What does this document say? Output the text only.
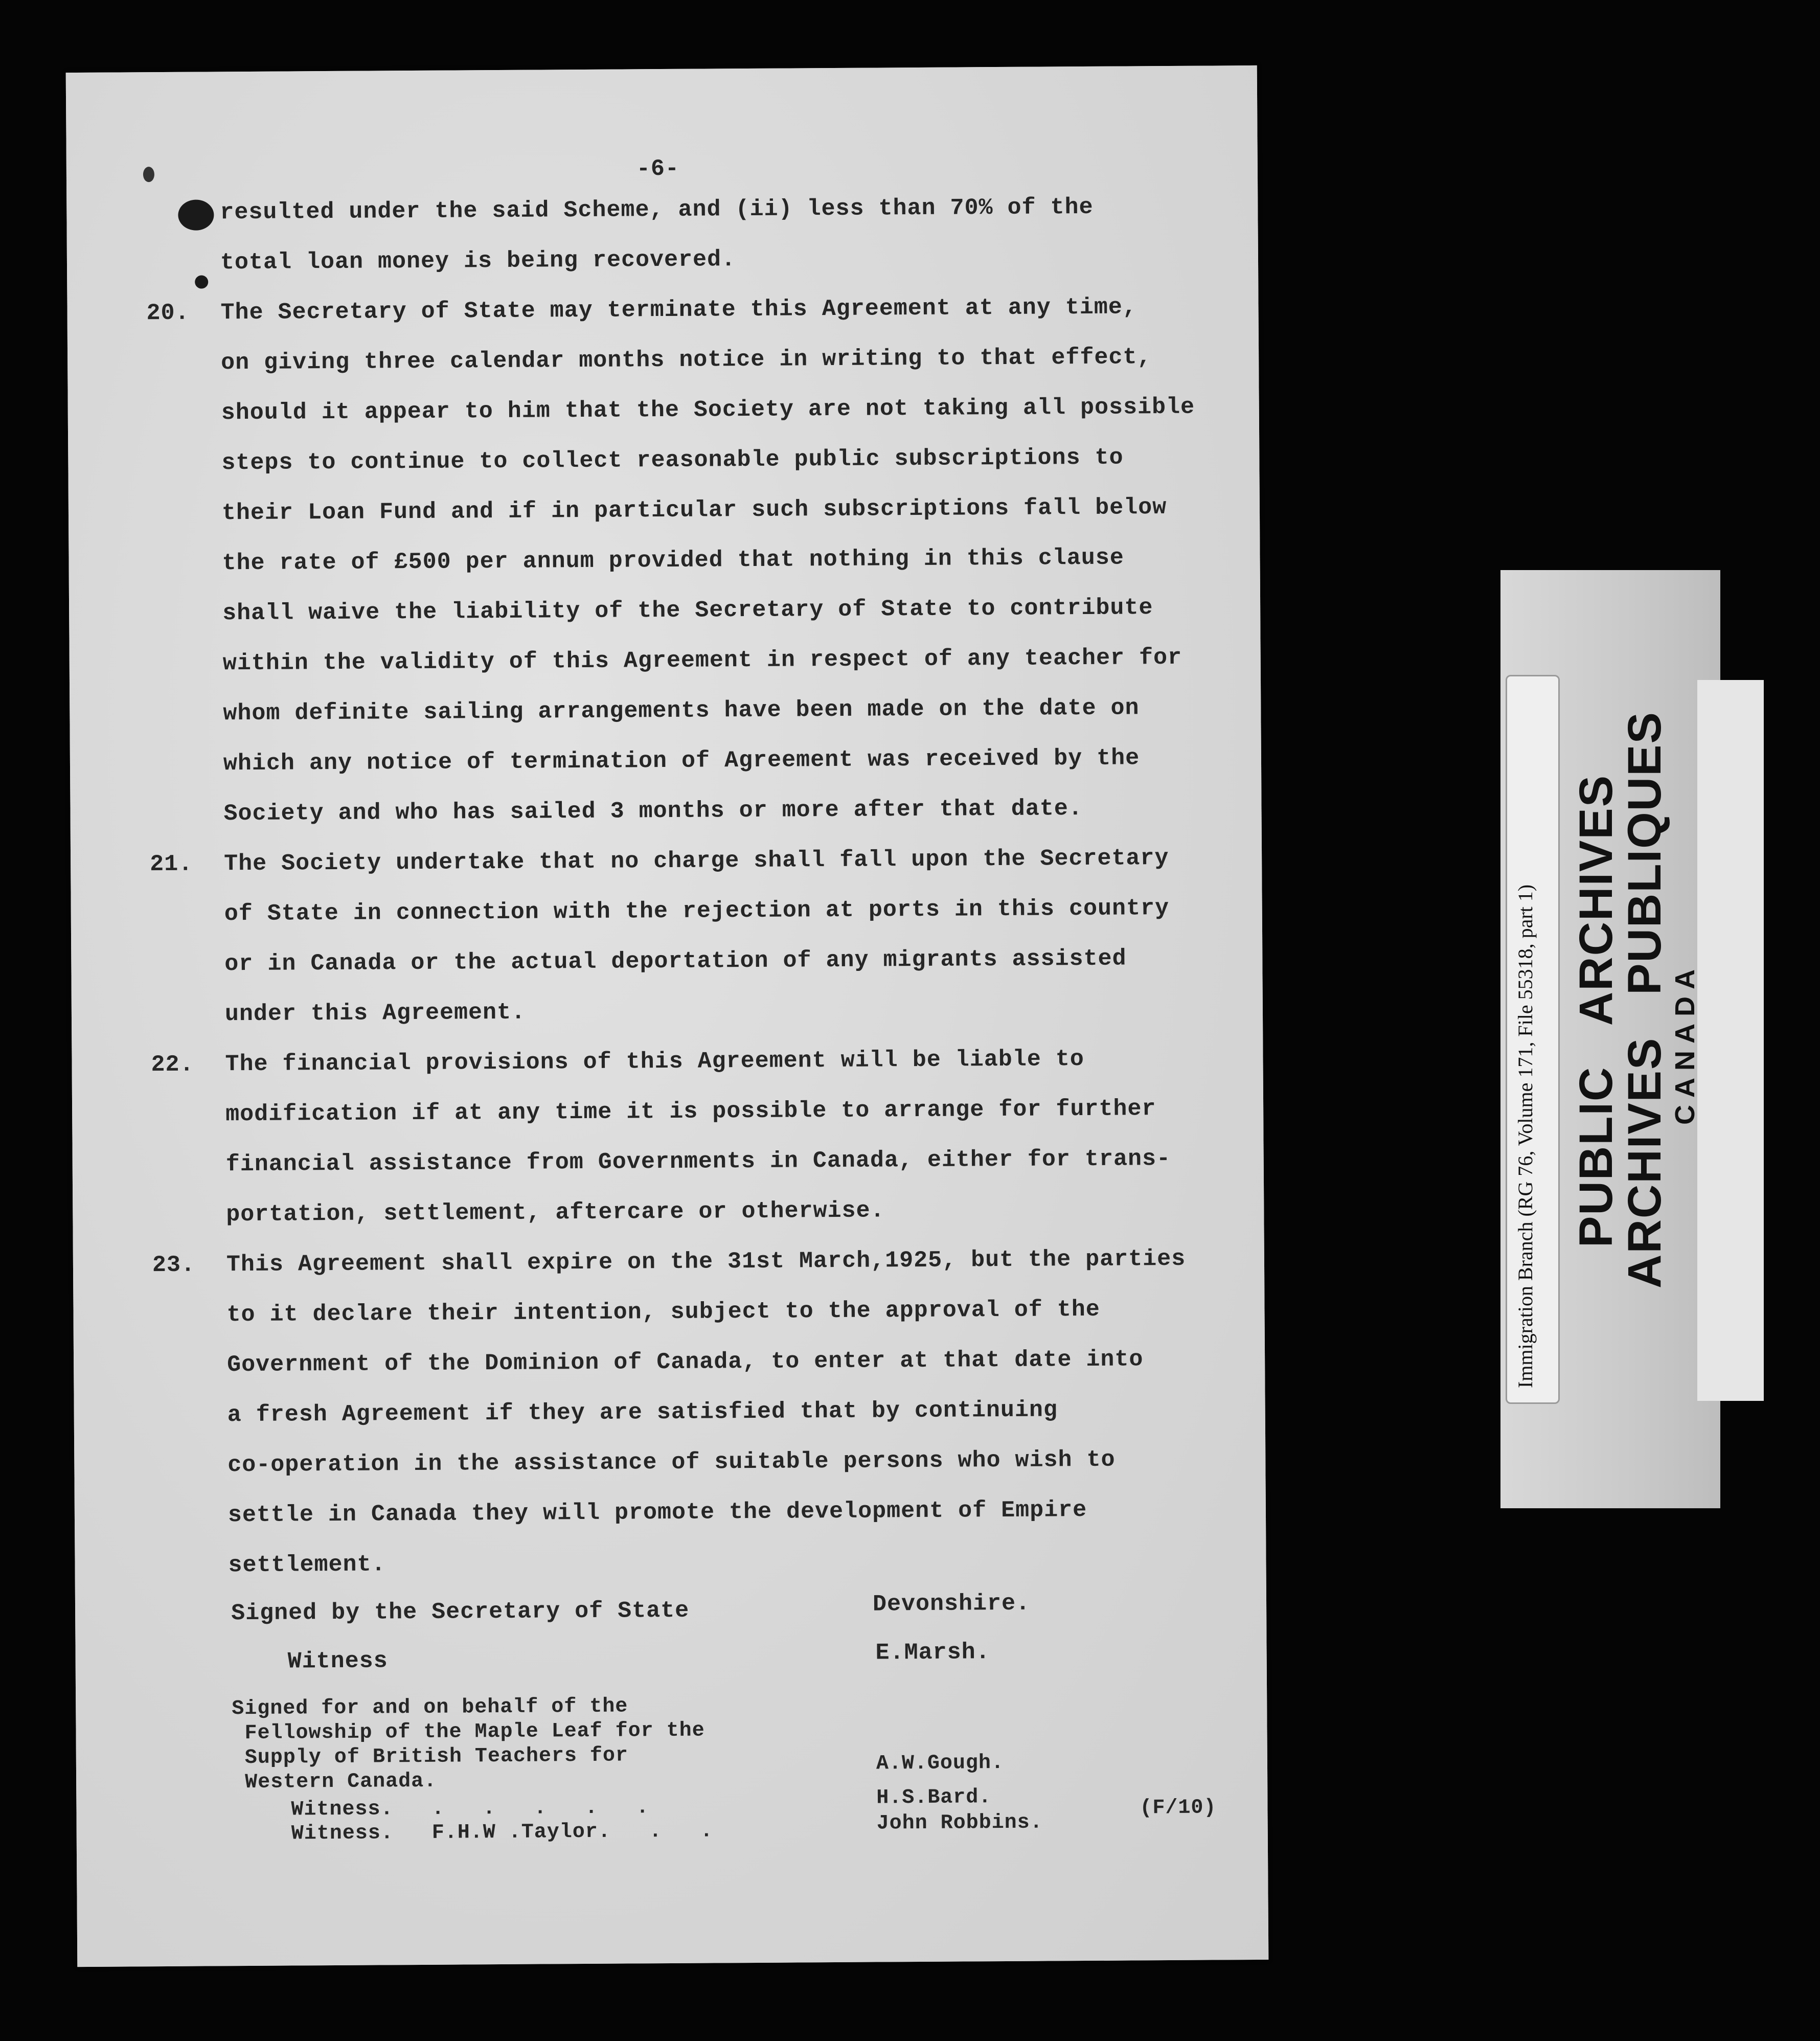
-6-
resulted under the said Scheme, and (ii) less than 70% of the
total loan money is being recovered.
20. The Secretary of State may terminate this Agreement at any time,
on giving three calendar months notice in writing to that effect,
should it appear to him that the Society are not taking all possible
steps to continue to collect reasonable public subscriptions to
their Loan Fund and if in particular such subscriptions fall below
the rate of £500 per annum provided that nothing in this clause
shall waive the liability of the Secretary of State to contribute
within the validity of this Agreement in respect of any teacher for
whom definite sailing arrangements have been made on the date on
which any notice of termination of Agreement was received by the
Society and who has sailed 3 months or more after that date.
21. The Society undertake that no charge shall fall upon the Secretary
of State in connection with the rejection at ports in this country
or in Canada or the actual deportation of any migrants assisted
under this Agreement.
22. The financial provisions of this Agreement will be liable to
modification if at any time it is possible to arrange for further
financial assistance from Governments in Canada, either for trans-
portation, settlement, aftercare or otherwise.
23. This Agreement shall expire on the 31st March,1925, but the parties
to it declare their intention, subject to the approval of the
Government of the Dominion of Canada, to enter at that date into
a fresh Agreement if they are satisfied that by continuing
co-operation in the assistance of suitable persons who wish to
settle in Canada they will promote the development of Empire
settlement.
Signed by the Secretary of State	Devonshire.
Witness	E.Marsh.
Signed for and on behalf of the
Fellowship of the Maple Leaf for the
Supply of British Teachers for
Western Canada.
A.W.Gough.
Witness.   .   .   .   .   .	H.S.Bard.
Witness.   F.H.W .Taylor.   .   .	John Robbins.
(F/10)
Immigration Branch (RG 76, Volume 171, File 55318, part 1) PUBLIC   ARCHIVES
ARCHIVES   PUBLIQUES
CANADA
